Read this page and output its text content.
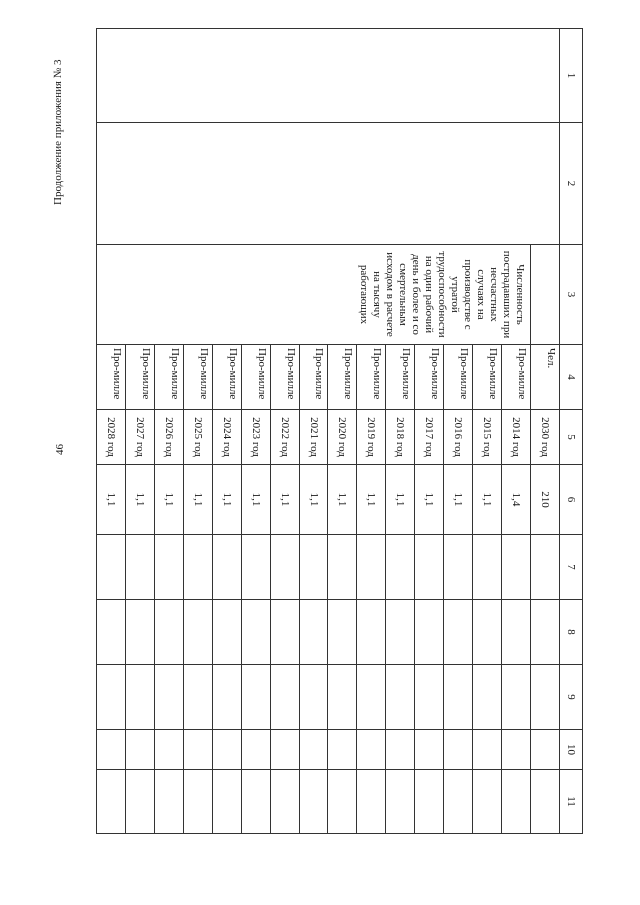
46
Продолжение приложения № 3	1	2	3	4	5	6	7	8	9	10	11
			Чел.	2030 год	210					
		Численность пострадавших при несчастных случаях на производстве с утратой трудоспособности на один рабочий день и более и со смертельным исходом в расчете на тысячу работающих	Про-милле	2014 год	1,4					
			Про-милле	2015 год	1,1					
			Про-милле	2016 год	1,1					
			Про-милле	2017 год	1,1					
			Про-милле	2018 год	1,1					
			Про-милле	2019 год	1,1					
			Про-милле	2020 год	1,1					
			Про-милле	2021 год	1,1					
			Про-милле	2022 год	1,1					
			Про-милле	2023 год	1,1					
			Про-милле	2024 год	1,1					
			Про-милле	2025 год	1,1					
			Про-милле	2026 год	1,1					
			Про-милле	2027 год	1,1					
			Про-милле	2028 год	1,1					
